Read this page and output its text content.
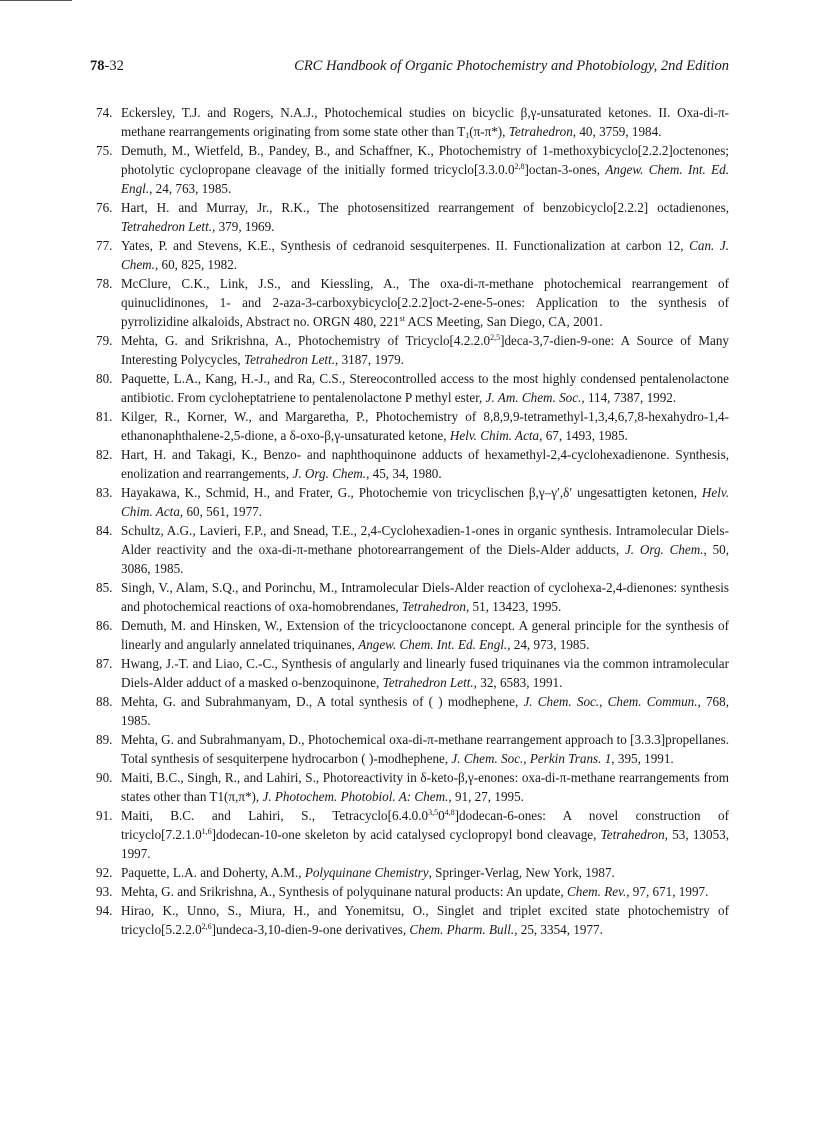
78-32	CRC Handbook of Organic Photochemistry and Photobiology, 2nd Edition
74. Eckersley, T.J. and Rogers, N.A.J., Photochemical studies on bicyclic β,γ-unsaturated ketones. II. Oxa-di-π-methane rearrangements originating from some state other than $T_1(\pi-\pi*)$, Tetrahedron, 40, 3759, 1984.
75. Demuth, M., Wietfeld, B., Pandey, B., and Schaffner, K., Photochemistry of 1-methoxybicyclo[2.2.2]octenones; photolytic cyclopropane cleavage of the initially formed tricyclo[3.3.0.0$^{2,8}$]octan-3-ones, Angew. Chem. Int. Ed. Engl., 24, 763, 1985.
76. Hart, H. and Murray, Jr., R.K., The photosensitized rearrangement of benzobicyclo[2.2.2] octadienones, Tetrahedron Lett., 379, 1969.
77. Yates, P. and Stevens, K.E., Synthesis of cedranoid sesquiterpenes. II. Functionalization at carbon 12, Can. J. Chem., 60, 825, 1982.
78. McClure, C.K., Link, J.S., and Kiessling, A., The oxa-di-π-methane photochemical rearrangement of quinuclidinones, 1- and 2-aza-3-carboxybicyclo[2.2.2]oct-2-ene-5-ones: Application to the synthesis of pyrrolizidine alkaloids, Abstract no. ORGN 480, 221st ACS Meeting, San Diego, CA, 2001.
79. Mehta, G. and Srikrishna, A., Photochemistry of Tricyclo[4.2.2.0$^{2,5}$]deca-3,7-dien-9-one: A Source of Many Interesting Polycycles, Tetrahedron Lett., 3187, 1979.
80. Paquette, L.A., Kang, H.-J., and Ra, C.S., Stereocontrolled access to the most highly condensed pentalenolactone antibiotic. From cycloheptatriene to pentalenolactone P methyl ester, J. Am. Chem. Soc., 114, 7387, 1992.
81. Kilger, R., Korner, W., and Margaretha, P., Photochemistry of 8,8,9,9-tetramethyl-1,3,4,6,7,8-hexahydro-1,4-ethanonaphthalene-2,5-dione, a δ-oxo-β,γ-unsaturated ketone, Helv. Chim. Acta, 67, 1493, 1985.
82. Hart, H. and Takagi, K., Benzo- and naphthoquinone adducts of hexamethyl-2,4-cyclohexadienone. Synthesis, enolization and rearrangements, J. Org. Chem., 45, 34, 1980.
83. Hayakawa, K., Schmid, H., and Frater, G., Photochemie von tricyclischen β,γ–γ′,δ′ ungesattigten ketonen, Helv. Chim. Acta, 60, 561, 1977.
84. Schultz, A.G., Lavieri, F.P., and Snead, T.E., 2,4-Cyclohexadien-1-ones in organic synthesis. Intramolecular Diels-Alder reactivity and the oxa-di-π-methane photorearrangement of the Diels-Alder adducts, J. Org. Chem., 50, 3086, 1985.
85. Singh, V., Alam, S.Q., and Porinchu, M., Intramolecular Diels-Alder reaction of cyclohexa-2,4-dienones: synthesis and photochemical reactions of oxa-homobrendanes, Tetrahedron, 51, 13423, 1995.
86. Demuth, M. and Hinsken, W., Extension of the tricyclooctanone concept. A general principle for the synthesis of linearly and angularly annelated triquinanes, Angew. Chem. Int. Ed. Engl., 24, 973, 1985.
87. Hwang, J.-T. and Liao, C.-C., Synthesis of angularly and linearly fused triquinanes via the common intramolecular Diels-Alder adduct of a masked o-benzoquinone, Tetrahedron Lett., 32, 6583, 1991.
88. Mehta, G. and Subrahmanyam, D., A total synthesis of ( ) modhephene, J. Chem. Soc., Chem. Commun., 768, 1985.
89. Mehta, G. and Subrahmanyam, D., Photochemical oxa-di-π-methane rearrangement approach to [3.3.3]propellanes. Total synthesis of sesquiterpene hydrocarbon ( )-modhephene, J. Chem. Soc., Perkin Trans. 1, 395, 1991.
90. Maiti, B.C., Singh, R., and Lahiri, S., Photoreactivity in δ-keto-β,γ-enones: oxa-di-π-methane rearrangements from states other than T1(π,π*), J. Photochem. Photobiol. A: Chem., 91, 27, 1995.
91. Maiti, B.C. and Lahiri, S., Tetracyclo[6.4.0.0$^{3,5}$0$^{4,8}$]dodecan-6-ones: A novel construction of tricyclo[7.2.1.0$^{1,6}$]dodecan-10-one skeleton by acid catalysed cyclopropyl bond cleavage, Tetrahedron, 53, 13053, 1997.
92. Paquette, L.A. and Doherty, A.M., Polyquinane Chemistry, Springer-Verlag, New York, 1987.
93. Mehta, G. and Srikrishna, A., Synthesis of polyquinane natural products: An update, Chem. Rev., 97, 671, 1997.
94. Hirao, K., Unno, S., Miura, H., and Yonemitsu, O., Singlet and triplet excited state photochemistry of tricyclo[5.2.2.0$^{2,6}$]undeca-3,10-dien-9-one derivatives, Chem. Pharm. Bull., 25, 3354, 1977.
